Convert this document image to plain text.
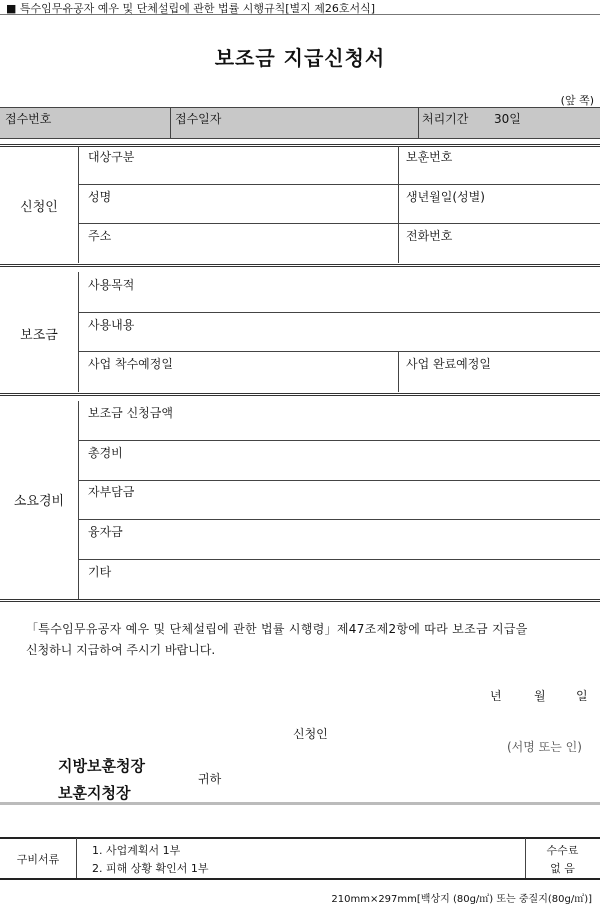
■ 특수임무유공자 예우 및 단체설립에 관한 법률 시행규칙[별지 제26호서식]
보조금 지급신청서
(앞 쪽)
접수번호	접수일자	처리기간 30일
신청인
대상구분	보훈번호
성명	생년월일(성별)
주소	전화번호
보조금
사용목적
사용내용
사업 착수예정일	사업 완료예정일
소요경비
보조금 신청금액
총경비
자부담금
융자금
기타
「특수임무유공자 예우 및 단체설립에 관한 법률 시행령」제47조제2항에 따라 보조금 지급을
신청하니 지급하여 주시기 바랍니다.
년	월	일
신청인
(서명 또는 인)
지방보훈청장
보훈지청장
귀하
구비서류
1. 사업계획서 1부
2. 피해 상황 확인서 1부
수수료
없 음
210mm×297mm[백상지 (80g/㎡) 또는 중질지(80g/㎡)]
